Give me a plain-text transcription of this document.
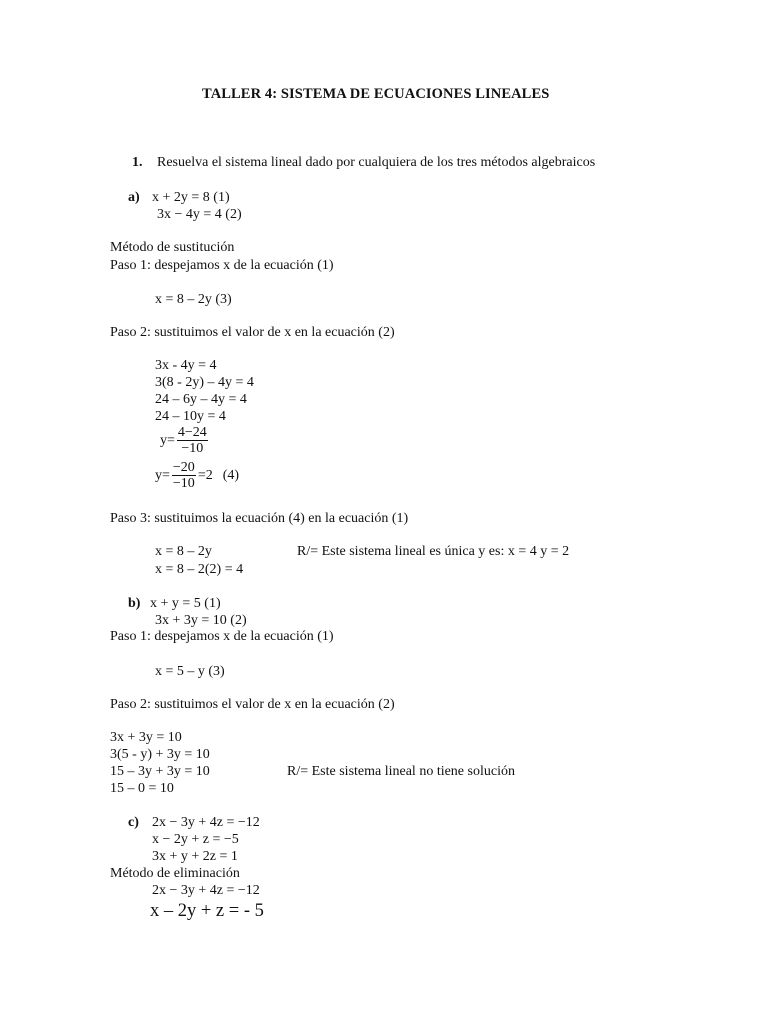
TALLER 4: SISTEMA DE ECUACIONES LINEALES
1. Resuelva el sistema lineal dado por cualquiera de los tres métodos algebraicos
a) x + 2y = 8 (1)
3x − 4y = 4 (2)
Método de sustitución
Paso 1: despejamos x de la ecuación (1)
x = 8 – 2y (3)
Paso 2: sustituimos el valor de x en la ecuación (2)
3x - 4y = 4
3(8 - 2y) – 4y = 4
24 – 6y – 4y = 4
24 – 10y = 4
$y= \frac{4-24}{-10}$
$y= \frac{-20}{-10} =2$ (4)
Paso 3: sustituimos la ecuación (4) en la ecuación (1)
x = 8 – 2y	R/= Este sistema lineal es única y es: x = 4 y = 2
x = 8 – 2(2) = 4
b) x + y = 5 (1)
3x + 3y = 10 (2)
Paso 1: despejamos x de la ecuación (1)
x = 5 – y (3)
Paso 2: sustituimos el valor de x en la ecuación (2)
3x + 3y = 10
3(5 - y) + 3y = 10
15 – 3y + 3y = 10	R/= Este sistema lineal no tiene solución
15 – 0 = 10
c) 2x − 3y + 4z = −12
x − 2y + z = −5
3x + y + 2z = 1
Método de eliminación
2x − 3y + 4z = −12
x – 2y + z = - 5
